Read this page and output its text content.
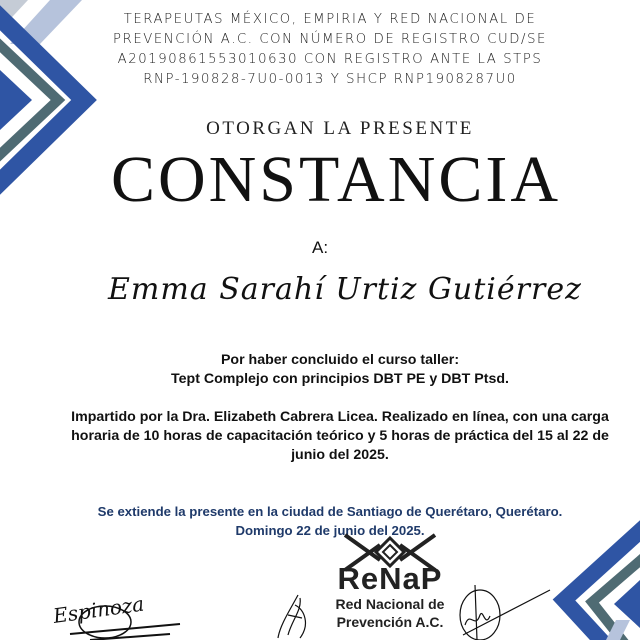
TERAPEUTAS MÉXICO, EMPIRIA Y RED NACIONAL DE PREVENCIÓN A.C. CON NÚMERO DE REGISTRO CUD/SE A20190861553010630 CON REGISTRO ANTE LA STPS RNP-190828-7U0-0013 Y SHCP RNP1908287U0
OTORGAN LA PRESENTE
CONSTANCIA
A:
Emma Sarahí Urtiz Gutiérrez
Por haber concluido el curso taller:
Tept Complejo con principios DBT PE y DBT Ptsd.
Impartido por la Dra. Elizabeth Cabrera Licea. Realizado en línea, con una carga horaria de 10 horas de capacitación teórico y 5 horas de práctica del 15 al 22 de junio del 2025.
Se extiende la presente en la ciudad de Santiago de Querétaro, Querétaro.
Domingo 22 de junio del 2025.
ReNaP
Red Nacional de
Prevención A.C.
Espinoza
